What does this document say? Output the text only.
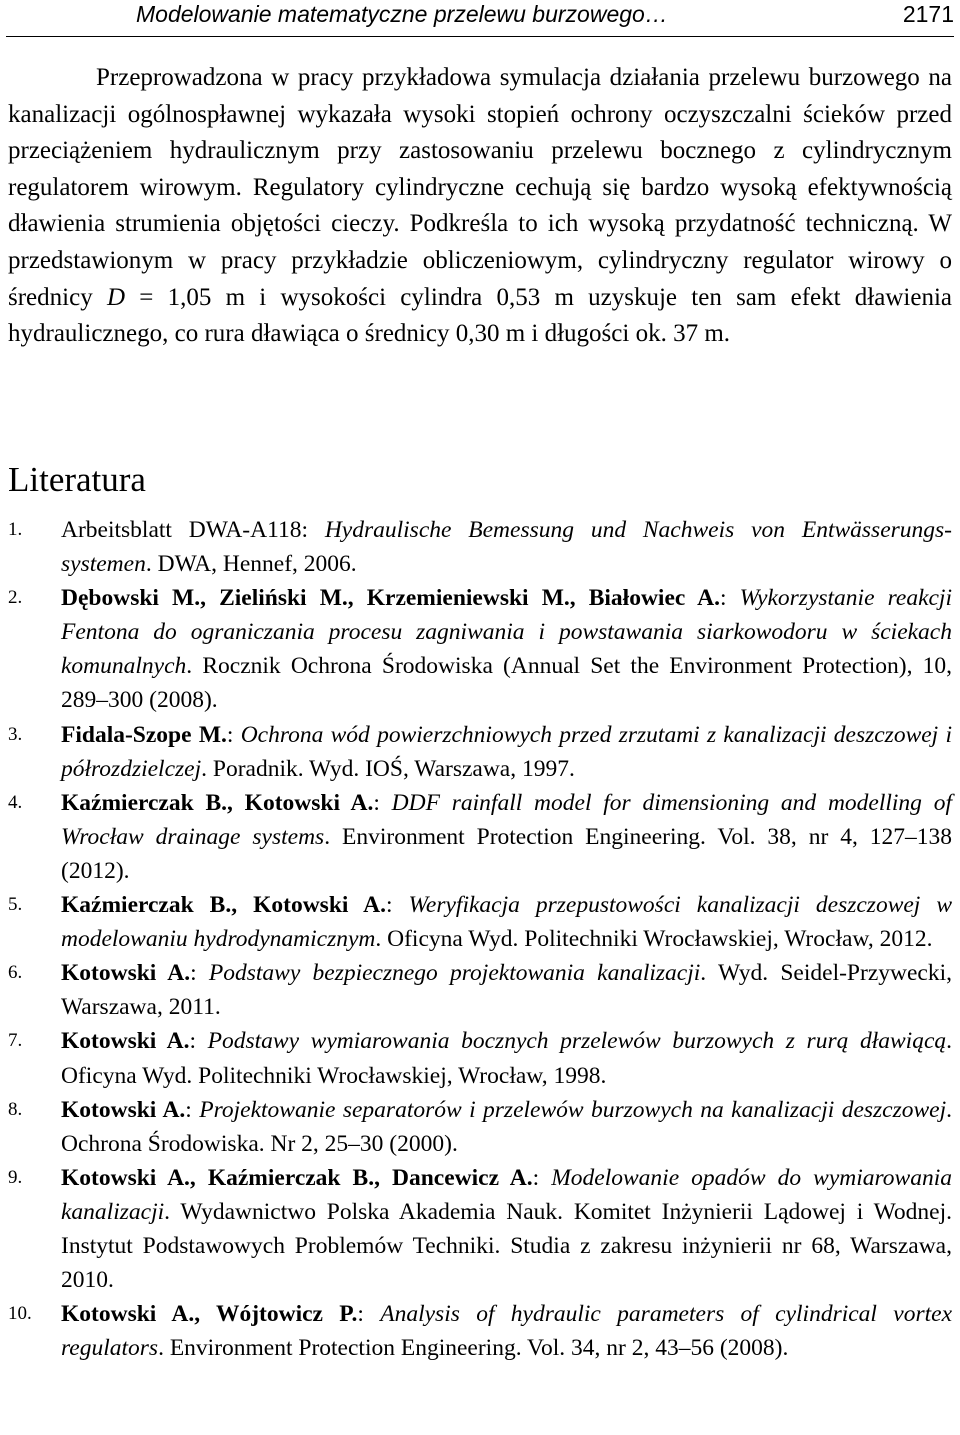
Modelowanie matematyczne przelewu burzowego…	2171

Przeprowadzona w pracy przykładowa symulacja działania przelewu burzowego na kanalizacji ogólnospławnej wykazała wysoki stopień ochrony oczyszczalni ścieków przed przeciążeniem hydraulicznym przy zastosowaniu przelewu bocznego z cylindrycznym regulatorem wirowym. Regulatory cylindryczne cechują się bardzo wysoką efektywnością dławienia strumienia objętości cieczy. Podkreśla to ich wysoką przydatność techniczną. W przedstawionym w pracy przykładzie obliczeniowym, cylindryczny regulator wirowy o średnicy D = 1,05 m i wysokości cylindra 0,53 m uzyskuje ten sam efekt dławienia hydraulicznego, co rura dławiąca o średnicy 0,30 m i długości ok. 37 m.

Literatura
1. Arbeitsblatt DWA-A118: Hydraulische Bemessung und Nachweis von Entwässerungs-systemen. DWA, Hennef, 2006.
2. Dębowski M., Zieliński M., Krzemieniewski M., Białowiec A.: Wykorzystanie reakcji Fentona do ograniczania procesu zagniwania i powstawania siarkowodoru w ściekach komunalnych. Rocznik Ochrona Środowiska (Annual Set the Environment Protection), 10, 289–300 (2008).
3. Fidala-Szope M.: Ochrona wód powierzchniowych przed zrzutami z kanalizacji deszczowej i półrozdzielczej. Poradnik. Wyd. IOŚ, Warszawa, 1997.
4. Kaźmierczak B., Kotowski A.: DDF rainfall model for dimensioning and modelling of Wrocław drainage systems. Environment Protection Engineering. Vol. 38, nr 4, 127–138 (2012).
5. Kaźmierczak B., Kotowski A.: Weryfikacja przepustowości kanalizacji deszczowej w modelowaniu hydrodynamicznym. Oficyna Wyd. Politechniki Wrocławskiej, Wrocław, 2012.
6. Kotowski A.: Podstawy bezpiecznego projektowania kanalizacji. Wyd. Seidel-Przywecki, Warszawa, 2011.
7. Kotowski A.: Podstawy wymiarowania bocznych przelewów burzowych z rurą dławiącą. Oficyna Wyd. Politechniki Wrocławskiej, Wrocław, 1998.
8. Kotowski A.: Projektowanie separatorów i przelewów burzowych na kanalizacji deszczowej. Ochrona Środowiska. Nr 2, 25–30 (2000).
9. Kotowski A., Kaźmierczak B., Dancewicz A.: Modelowanie opadów do wymiarowania kanalizacji. Wydawnictwo Polska Akademia Nauk. Komitet Inżynierii Lądowej i Wodnej. Instytut Podstawowych Problemów Techniki. Studia z zakresu inżynierii nr 68, Warszawa, 2010.
10. Kotowski A., Wójtowicz P.: Analysis of hydraulic parameters of cylindrical vortex regulators. Environment Protection Engineering. Vol. 34, nr 2, 43–56 (2008).
